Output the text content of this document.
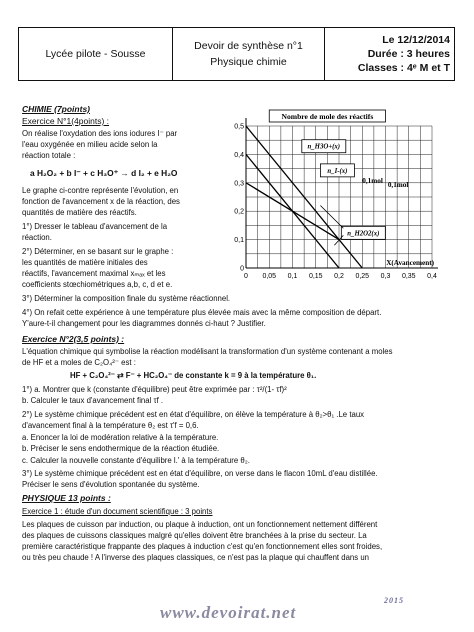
Lycée pilote - Sousse
Devoir de synthèse n°1
Physique chimie
Le 12/12/2014
Durée : 3 heures
Classes : 4ᵉ M et T
CHIMIE (7points)
Exercice N°1(4points) :
On réalise l'oxydation des ions iodures I⁻ par
l'eau oxygénée en milieu acide selon la
réaction totale :
a H₂O₂ + b I⁻ + c H₃O⁺ → d I₂ + e H₂O
Le graphe ci-contre représente l'évolution, en
fonction de l'avancement x de la réaction, des
quantités de matière des réactifs.
1°) Dresser le tableau d'avancement de la
réaction.
2°) Déterminer, en se basant sur le graphe :
les quantités de matière initiales des
réactifs, l'avancement maximal xₘₐₓ et les
coefficients stœchiométriques a,b, c, d et e.
3°) Déterminer la composition finale du système réactionnel.
4°) On refait cette expérience à une température plus élevée mais avec la même composition de départ.
Y'aure-t-il changement pour les diagrammes donnés ci-haut ? Justifier.
0 0,05 0,1 0,15 0,2 0,25 0,3 0,35 0,4
0
0,1
0,2
0,3
0,4
0,5
Nombre de mole des réactifs
n_H3O+(x)
n_I-(x)
n_H2O2(x)
0,1mol
0,1mol
X(Avancement)
Exercice N°2(3,5 points) :
L'équation chimique qui symbolise la réaction modélisant la transformation d'un système contenant a moles
de HF et a moles de C₂O₄²⁻ est :
HF + C₂O₄²⁻ ⇄ F⁻ + HC₂O₄⁻ de constante k = 9 à la température θ₁.
1°) a. Montrer que k (constante d'équilibre) peut être exprimée par : τ²/(1- τf)²
b. Calculer le taux d'avancement final τf .
2°) Le système chimique précédent est en état d'équilibre, on élève la température à θ₂>θ₁ .Le taux
d'avancement final à la température θ₂ est τ'f = 0,6.
a. Enoncer la loi de modération relative à la température.
b. Préciser le sens endothermique de la réaction étudiée.
c. Calculer la nouvelle constante d'équilibre l.' à la température θ₂.
3°) Le système chimique précédent est en état d'équilibre, on verse dans le flacon 10mL d'eau distillée.
Préciser le sens d'évolution spontanée du système.
PHYSIQUE 13 points :
Exercice 1 : étude d'un document scientifique : 3 points
Les plaques de cuisson par induction, ou plaque à induction, ont un fonctionnement nettement différent
des plaques de cuissons classiques malgré qu'elles doivent être branchées à la prise du secteur. La
première caractéristique frappante des plaques à induction c'est qu'en fonctionnement elles sont froides,
ou très peu chaude ! A l'inverse des plaques classiques, ce n'est pas la plaque qui chauffent dans un
www.devoirat.net
2015
